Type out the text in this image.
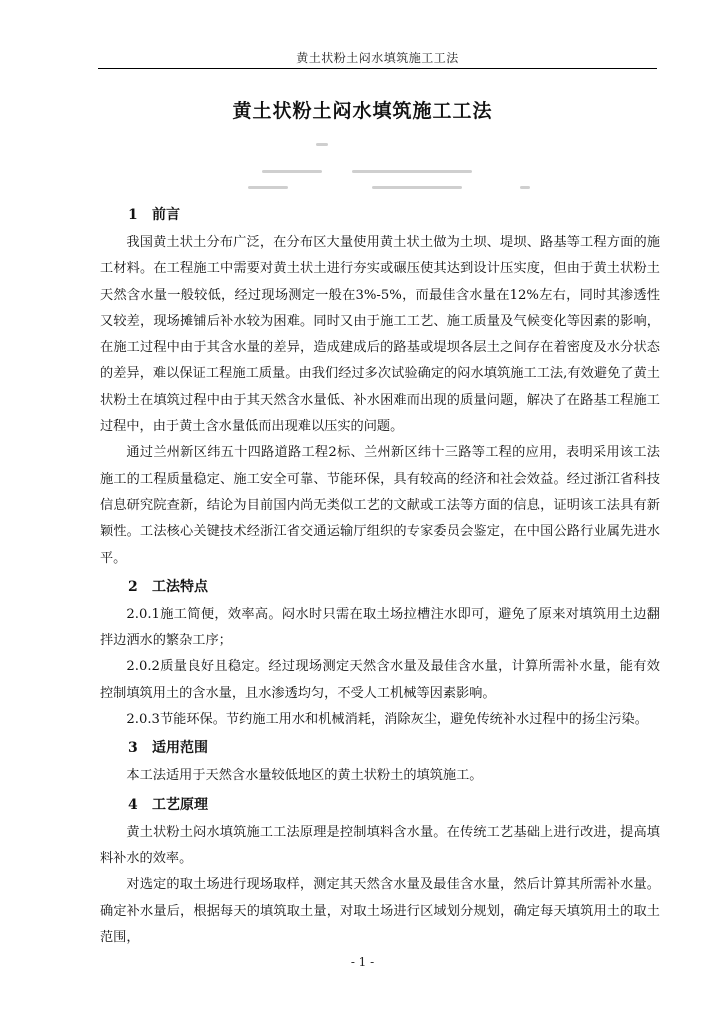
黄土状粉土闷水填筑施工工法
黄土状粉土闷水填筑施工工法
1 前言

我国黄土状土分布广泛，在分布区大量使用黄土状土做为土坝、堤坝、路基等工程方面的施工材料。在工程施工中需要对黄土状土进行夯实或碾压使其达到设计压实度，但由于黄土状粉土天然含水量一般较低，经过现场测定一般在3%-5%，而最佳含水量在12%左右，同时其渗透性又较差，现场摊铺后补水较为困难。同时又由于施工工艺、施工质量及气候变化等因素的影响，在施工过程中由于其含水量的差异，造成建成后的路基或堤坝各层土之间存在着密度及水分状态的差异，难以保证工程施工质量。由我们经过多次试验确定的闷水填筑施工工法,有效避免了黄土状粉土在填筑过程中由于其天然含水量低、补水困难而出现的质量问题，解决了在路基工程施工过程中，由于黄土含水量低而出现难以压实的问题。

通过兰州新区纬五十四路道路工程2标、兰州新区纬十三路等工程的应用，表明采用该工法施工的工程质量稳定、施工安全可靠、节能环保，具有较高的经济和社会效益。经过浙江省科技信息研究院查新，结论为目前国内尚无类似工艺的文献或工法等方面的信息，证明该工法具有新颖性。工法核心关键技术经浙江省交通运输厅组织的专家委员会鉴定，在中国公路行业属先进水平。

2 工法特点

2.0.1施工简便，效率高。闷水时只需在取土场拉槽注水即可，避免了原来对填筑用土边翻拌边洒水的繁杂工序；

2.0.2质量良好且稳定。经过现场测定天然含水量及最佳含水量，计算所需补水量，能有效控制填筑用土的含水量，且水渗透均匀，不受人工机械等因素影响。

2.0.3节能环保。节约施工用水和机械消耗，消除灰尘，避免传统补水过程中的扬尘污染。

3 适用范围

本工法适用于天然含水量较低地区的黄土状粉土的填筑施工。

4 工艺原理

黄土状粉土闷水填筑施工工法原理是控制填料含水量。在传统工艺基础上进行改进，提高填料补水的效率。

对选定的取土场进行现场取样，测定其天然含水量及最佳含水量，然后计算其所需补水量。确定补水量后，根据每天的填筑取土量，对取土场进行区域划分规划，确定每天填筑用土的取土范围，

- 1 -
